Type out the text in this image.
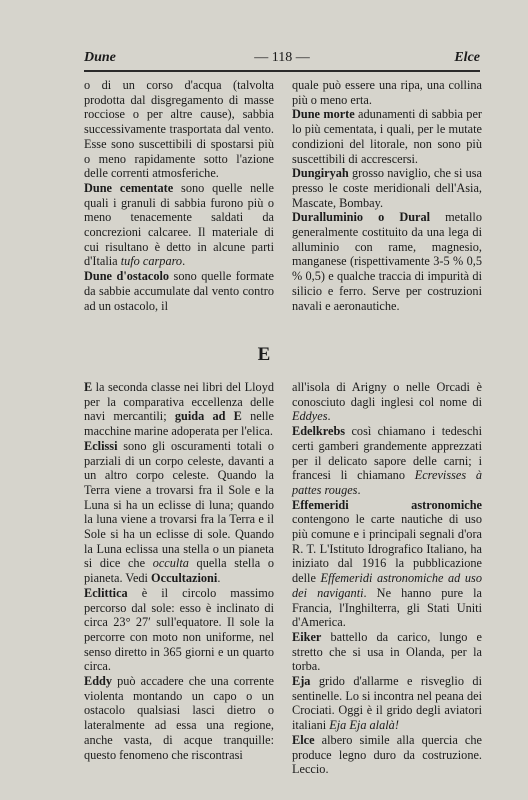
Dune	— 118 —	Elce

o di un corso d'acqua (talvolta prodotta dal disgregamento di masse rocciose o per altre cause), sabbia successivamente trasportata dal vento. Esse sono suscettibili di spostarsi più o meno rapidamente sotto l'azione delle correnti atmosferiche.

Dune cementate sono quelle nelle quali i granuli di sabbia furono più o meno tenacemente saldati da concrezioni calcaree. Il materiale di cui risultano è detto in alcune parti d'Italia tufo carparo.

Dune d'ostacolo sono quelle formate da sabbie accumulate dal vento contro ad un ostacolo, il

quale può essere una ripa, una collina più o meno erta.

Dune morte adunamenti di sabbia per lo più cementata, i quali, per le mutate condizioni del litorale, non sono più suscettibili di accrescersi.

Dungiryah grosso naviglio, che si usa presso le coste meridionali dell'Asia, Mascate, Bombay.

Duralluminio o Dural metallo generalmente costituito da una lega di alluminio con rame, magnesio, manganese (rispettivamente 3-5 % 0,5 % 0,5) e qualche traccia di impurità di silicio e ferro. Serve per costruzioni navali e aeronautiche.

E

E la seconda classe nei libri del Lloyd per la comparativa eccellenza delle navi mercantili; guida ad E nelle macchine marine adoperata per l'elica.

Eclissi sono gli oscuramenti totali o parziali di un corpo celeste, davanti a un altro corpo celeste. Quando la Terra viene a trovarsi fra il Sole e la Luna si ha un eclisse di luna; quando la luna viene a trovarsi fra la Terra e il Sole si ha un eclisse di sole. Quando la Luna eclissa una stella o un pianeta si dice che occulta quella stella o pianeta. Vedi Occultazioni.

Eclittica è il circolo massimo percorso dal sole: esso è inclinato di circa 23° 27′ sull'equatore. Il sole la percorre con moto non uniforme, nel senso diretto in 365 giorni e un quarto circa.

Eddy può accadere che una corrente violenta montando un capo o un ostacolo qualsiasi lasci dietro o lateralmente ad essa una regione, anche vasta, di acque tranquille: questo fenomeno che riscontrasi

all'isola di Arigny o nelle Orcadi è conosciuto dagli inglesi col nome di Eddyes.

Edelkrebs così chiamano i tedeschi certi gamberi grandemente apprezzati per il delicato sapore delle carni; i francesi li chiamano Ecrevisses à pattes rouges.

Effemeridi astronomiche contengono le carte nautiche di uso più comune e i principali segnali d'ora R. T. L'Istituto Idrografico Italiano, ha iniziato dal 1916 la pubblicazione delle Effemeridi astronomiche ad uso dei naviganti. Ne hanno pure la Francia, l'Inghilterra, gli Stati Uniti d'America.

Eiker battello da carico, lungo e stretto che si usa in Olanda, per la torba.

Eja grido d'allarme e risveglio di sentinelle. Lo si incontra nel peana dei Crociati. Oggi è il grido degli aviatori italiani Eja Eja alalà!

Elce albero simile alla quercia che produce legno duro da costruzione. Leccio.
